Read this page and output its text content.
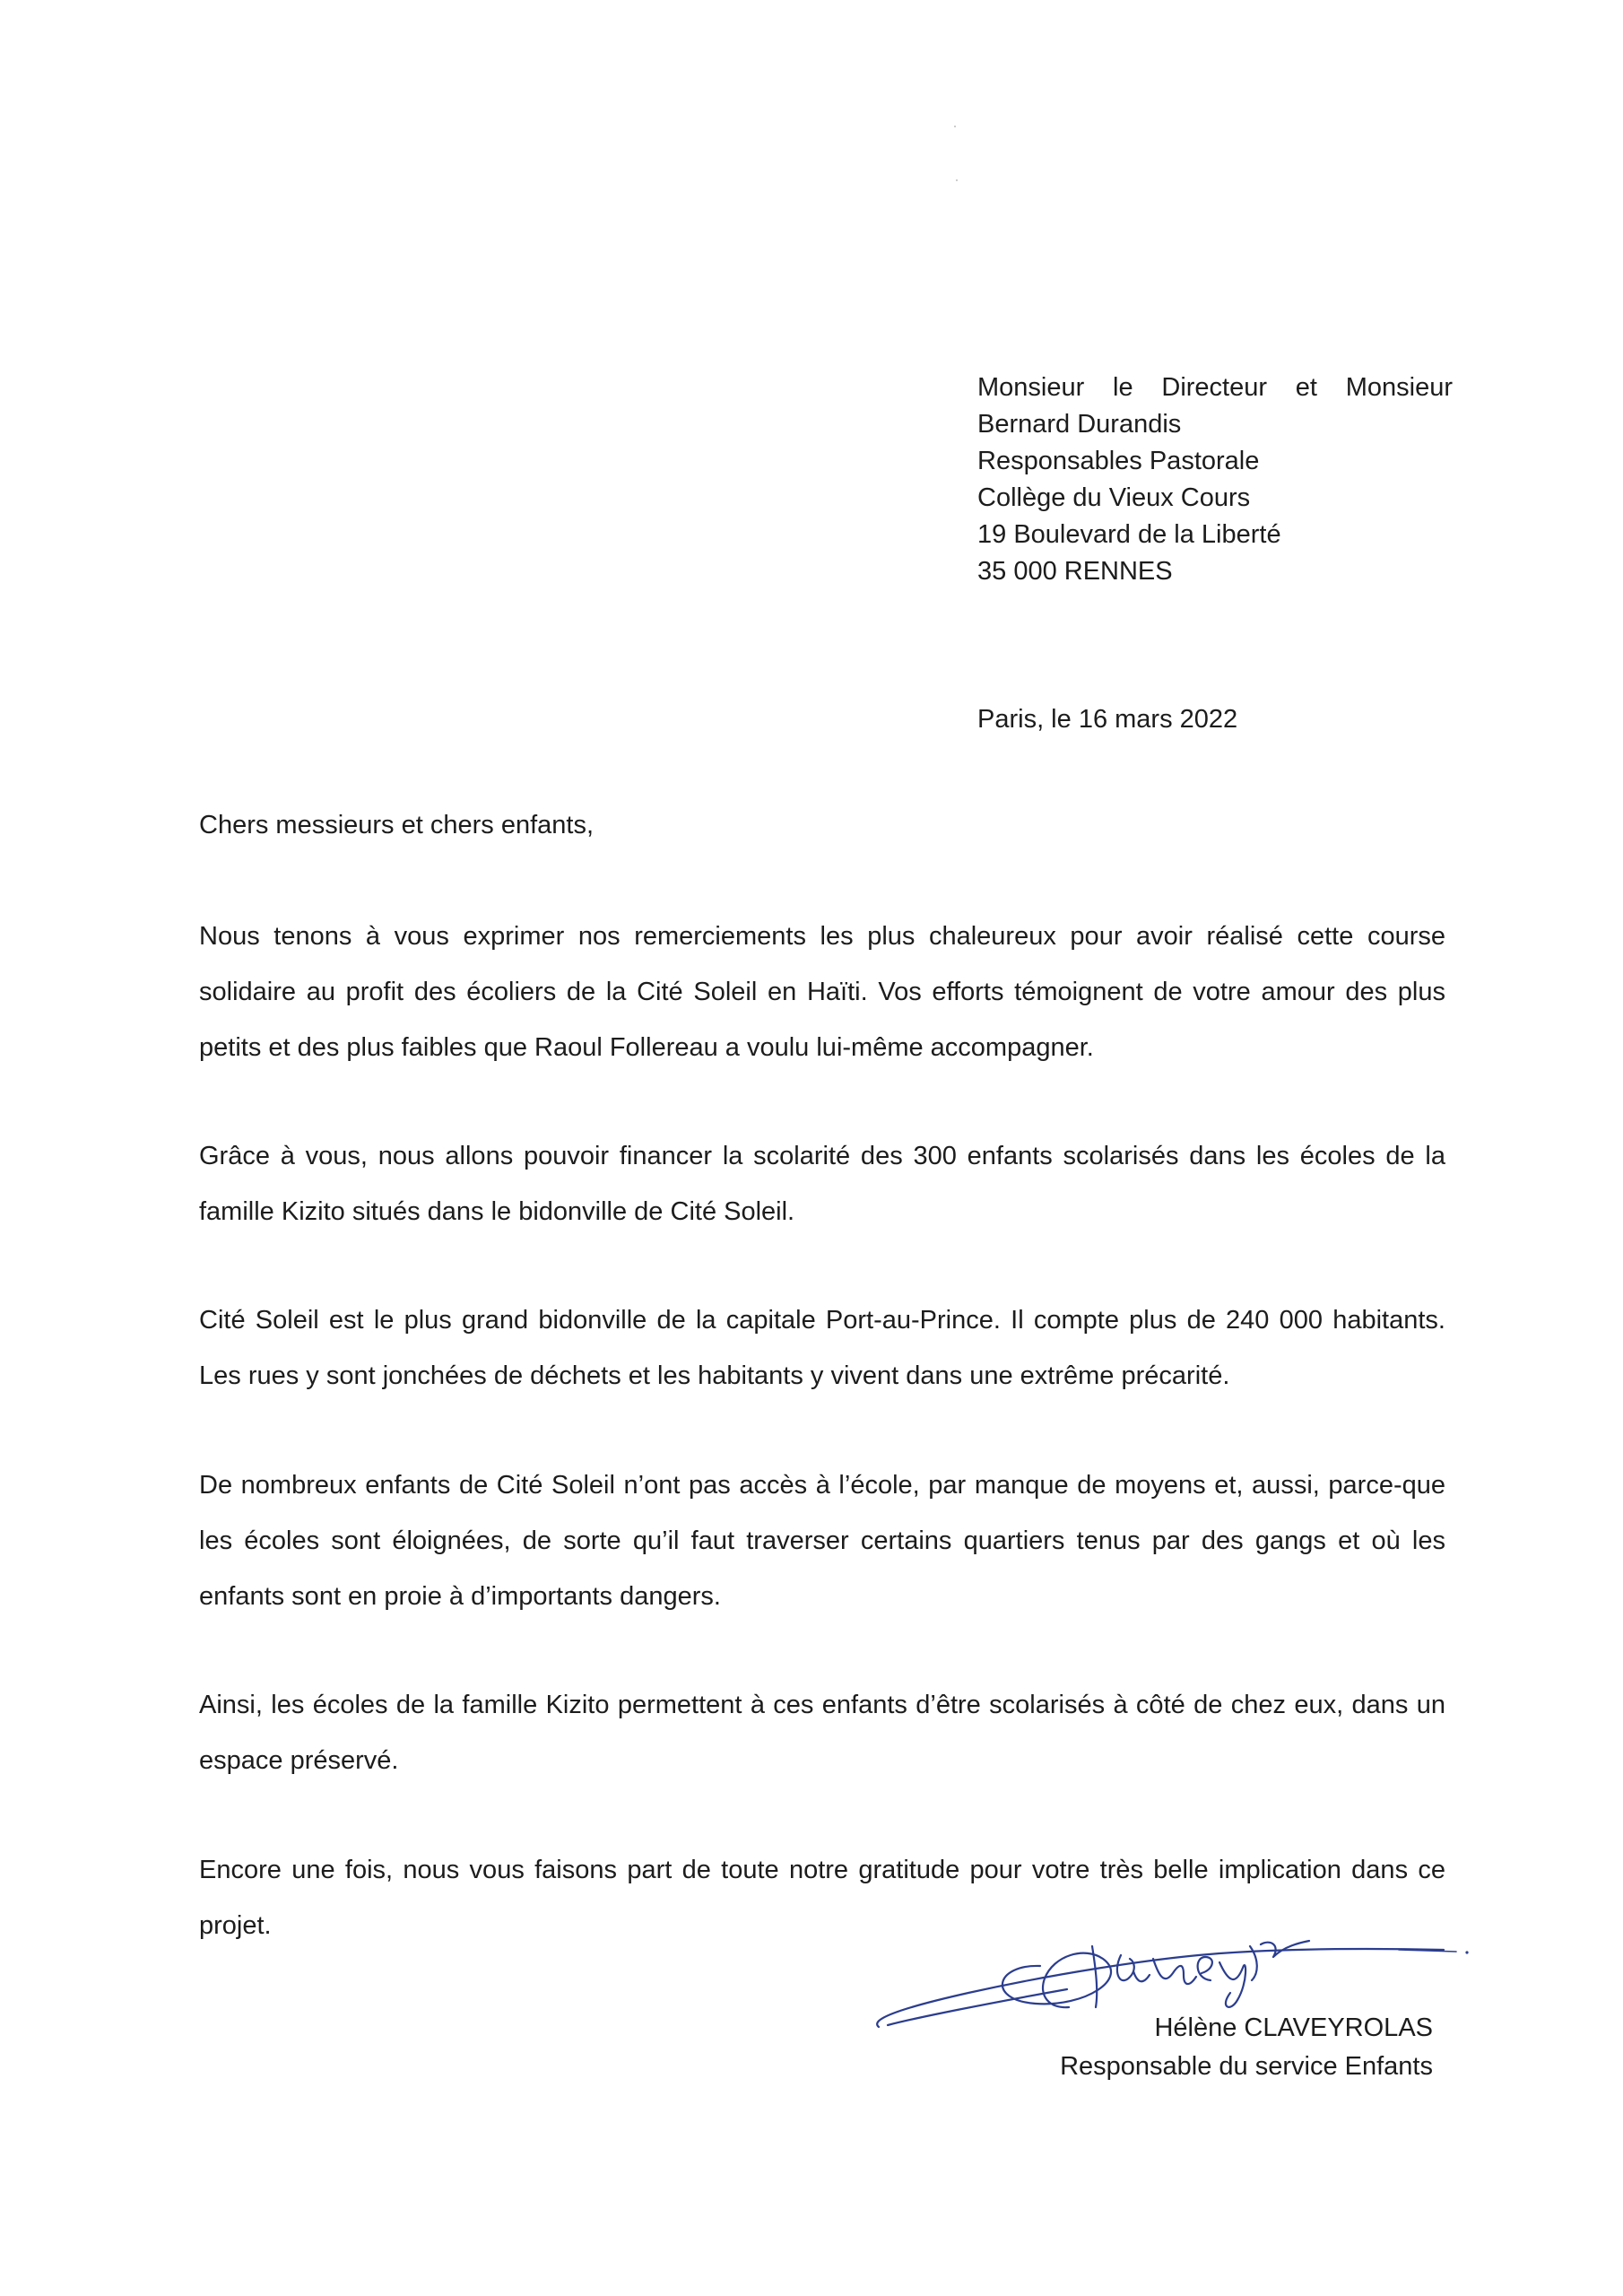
Monsieur le Directeur et Monsieur
Bernard Durandis
Responsables Pastorale
Collège du Vieux Cours
19 Boulevard de la Liberté
35 000 RENNES
Paris, le 16 mars 2022
Chers messieurs et chers enfants,

Nous tenons à vous exprimer nos remerciements les plus chaleureux pour avoir réalisé cette course solidaire au profit des écoliers de la Cité Soleil en Haïti. Vos efforts témoignent de votre amour des plus petits et des plus faibles que Raoul Follereau a voulu lui-même accompagner.

Grâce à vous, nous allons pouvoir financer la scolarité des 300 enfants scolarisés dans les écoles de la famille Kizito situés dans le bidonville de Cité Soleil.

Cité Soleil est le plus grand bidonville de la capitale Port-au-Prince. Il compte plus de 240 000 habitants. Les rues y sont jonchées de déchets et les habitants y vivent dans une extrême précarité.

De nombreux enfants de Cité Soleil n’ont pas accès à l’école, par manque de moyens et, aussi, parce-que les écoles sont éloignées, de sorte qu’il faut traverser certains quartiers tenus par des gangs et où les enfants sont en proie à d’importants dangers.

Ainsi, les écoles de la famille Kizito permettent à ces enfants d’être scolarisés à côté de chez eux, dans un espace préservé.

Encore une fois, nous vous faisons part de toute notre gratitude pour votre très belle implication dans ce projet.

Hélène CLAVEYROLAS
Responsable du service Enfants
